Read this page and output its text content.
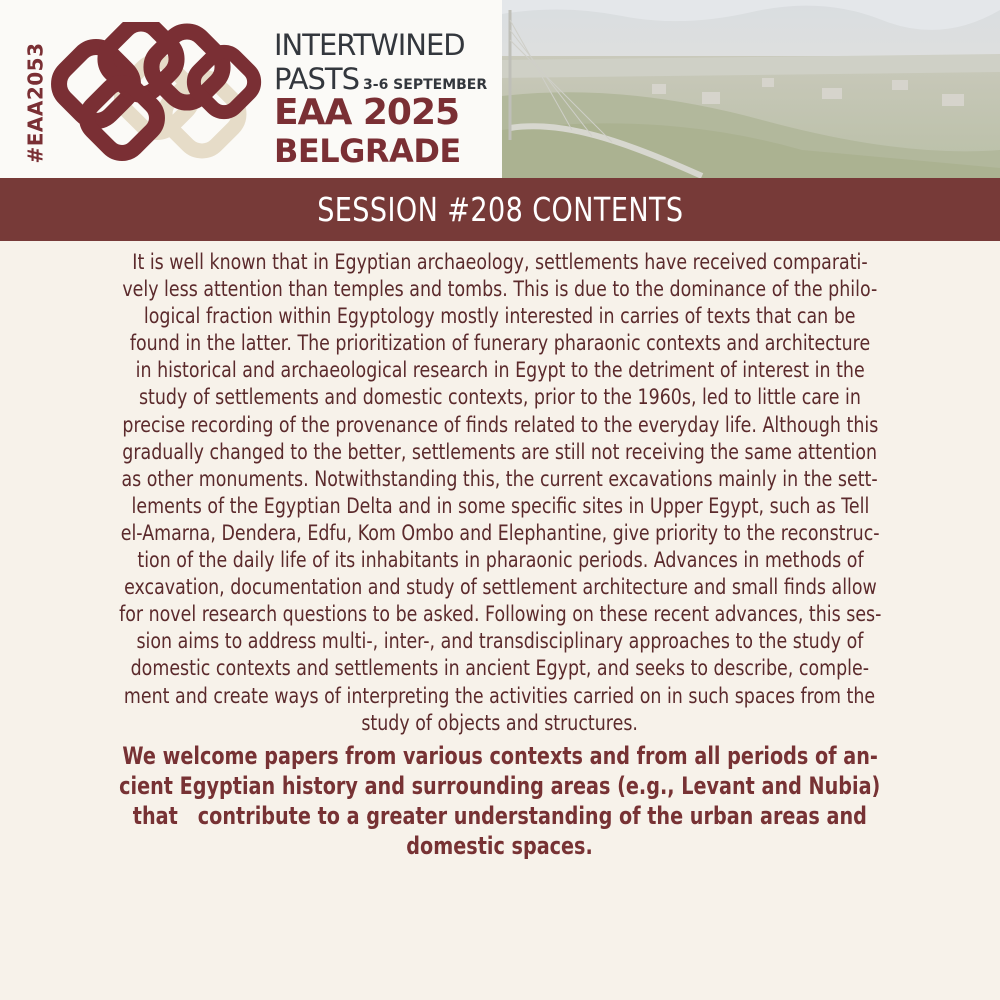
#EAA2053	INTERTWINED
PASTS 3-6 SEPTEMBER
EAA 2025
BELGRADE
SESSION #208 CONTENTS
It is well known that in Egyptian archaeology, settlements have received comparati-
vely less attention than temples and tombs. This is due to the dominance of the philo-
logical fraction within Egyptology mostly interested in carries of texts that can be
found in the latter. The prioritization of funerary pharaonic contexts and architecture
in historical and archaeological research in Egypt to the detriment of interest in the
study of settlements and domestic contexts, prior to the 1960s, led to little care in
precise recording of the provenance of finds related to the everyday life. Although this
gradually changed to the better, settlements are still not receiving the same attention
as other monuments. Notwithstanding this, the current excavations mainly in the sett-
lements of the Egyptian Delta and in some specific sites in Upper Egypt, such as Tell
el-Amarna, Dendera, Edfu, Kom Ombo and Elephantine, give priority to the reconstruc-
tion of the daily life of its inhabitants in pharaonic periods. Advances in methods of
excavation, documentation and study of settlement architecture and small finds allow
for novel research questions to be asked. Following on these recent advances, this ses-
sion aims to address multi-, inter-, and transdisciplinary approaches to the study of
domestic contexts and settlements in ancient Egypt, and seeks to describe, comple-
ment and create ways of interpreting the activities carried on in such spaces from the
study of objects and structures.
We welcome papers from various contexts and from all periods of an-
cient Egyptian history and surrounding areas (e.g., Levant and Nubia)
that   contribute to a greater understanding of the urban areas and
domestic spaces.
